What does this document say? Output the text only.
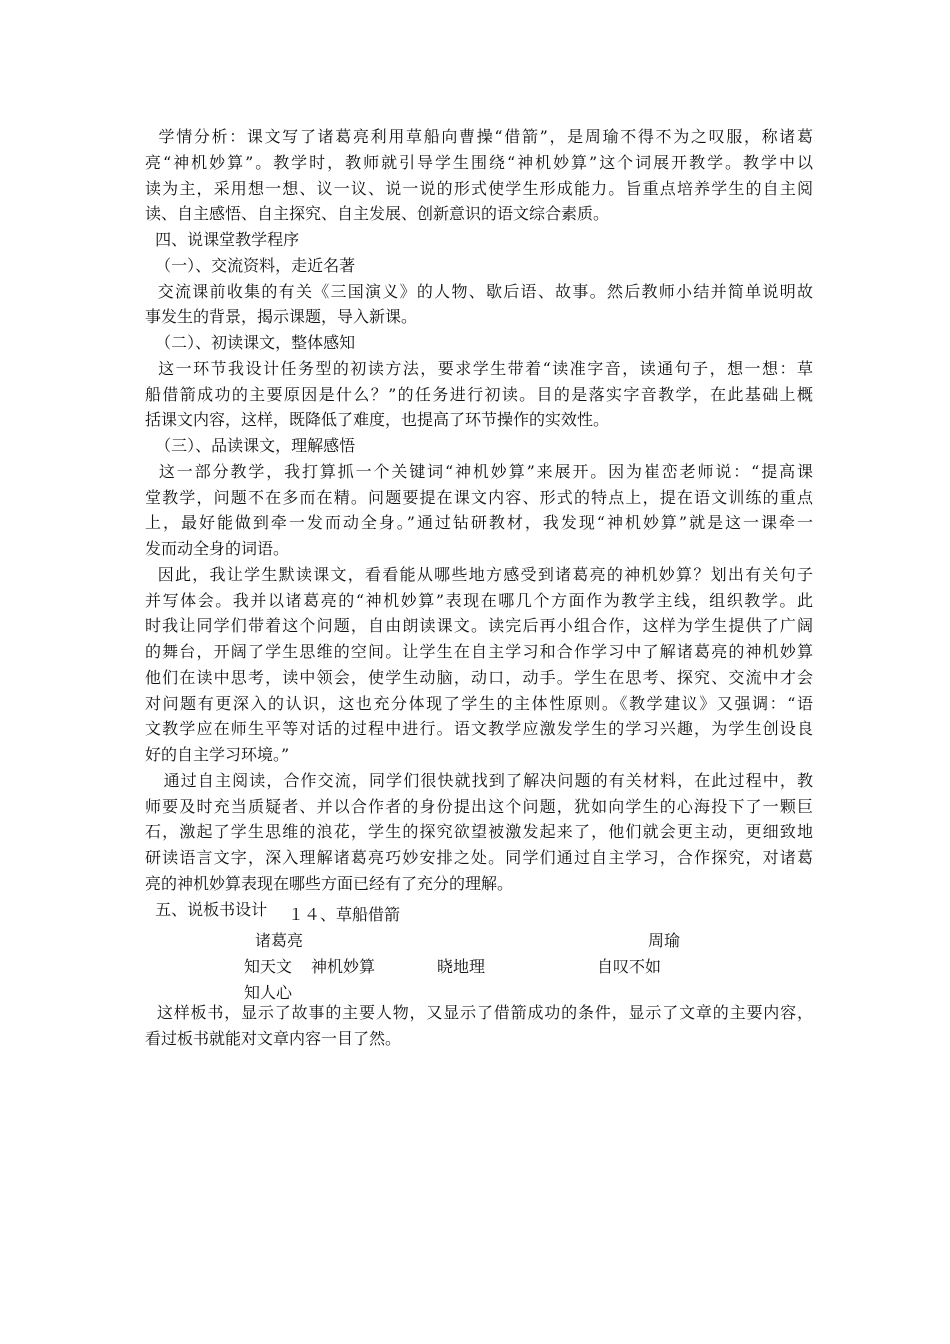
学情分析：课文写了诸葛亮利用草船向曹操“借箭”，是周瑜不得不为之叹服，称诸葛
亮“神机妙算”。教学时，教师就引导学生围绕“神机妙算”这个词展开教学。教学中以
读为主，采用想一想、议一议、说一说的形式使学生形成能力。旨重点培养学生的自主阅
读、自主感悟、自主探究、自主发展、创新意识的语文综合素质。
四、说课堂教学程序
（一）、交流资料，走近名著
交流课前收集的有关《三国演义》的人物、歇后语、故事。然后教师小结并简单说明故
事发生的背景，揭示课题，导入新课。
（二）、初读课文，整体感知
这一环节我设计任务型的初读方法，要求学生带着“读准字音，读通句子，想一想：草
船借箭成功的主要原因是什么？”的任务进行初读。目的是落实字音教学，在此基础上概
括课文内容，这样，既降低了难度，也提高了环节操作的实效性。
（三）、品读课文，理解感悟
这一部分教学，我打算抓一个关键词“神机妙算”来展开。因为崔峦老师说：“提高课
堂教学，问题不在多而在精。问题要提在课文内容、形式的特点上，提在语文训练的重点
上，最好能做到牵一发而动全身。”通过钻研教材，我发现“神机妙算”就是这一课牵一
发而动全身的词语。
因此，我让学生默读课文，看看能从哪些地方感受到诸葛亮的神机妙算？划出有关句子
并写体会。我并以诸葛亮的“神机妙算”表现在哪几个方面作为教学主线，组织教学。此
时我让同学们带着这个问题，自由朗读课文。读完后再小组合作，这样为学生提供了广阔
的舞台，开阔了学生思维的空间。让学生在自主学习和合作学习中了解诸葛亮的神机妙算
他们在读中思考，读中领会，使学生动脑，动口，动手。学生在思考、探究、交流中才会
对问题有更深入的认识，这也充分体现了学生的主体性原则。《教学建议》又强调：“语
文教学应在师生平等对话的过程中进行。语文教学应激发学生的学习兴趣，为学生创设良
好的自主学习环境。”
通过自主阅读，合作交流，同学们很快就找到了解决问题的有关材料，在此过程中，教
师要及时充当质疑者、并以合作者的身份提出这个问题，犹如向学生的心海投下了一颗巨
石，激起了学生思维的浪花，学生的探究欲望被激发起来了，他们就会更主动，更细致地
研读语言文字，深入理解诸葛亮巧妙安排之处。同学们通过自主学习，合作探究，对诸葛
亮的神机妙算表现在哪些方面已经有了充分的理解。
五、说板书设计 １４、草船借箭
诸葛亮	周瑜
知天文 神机妙算	晓地理	自叹不如
知人心
这样板书，显示了故事的主要人物，又显示了借箭成功的条件，显示了文章的主要内容，
看过板书就能对文章内容一目了然。
